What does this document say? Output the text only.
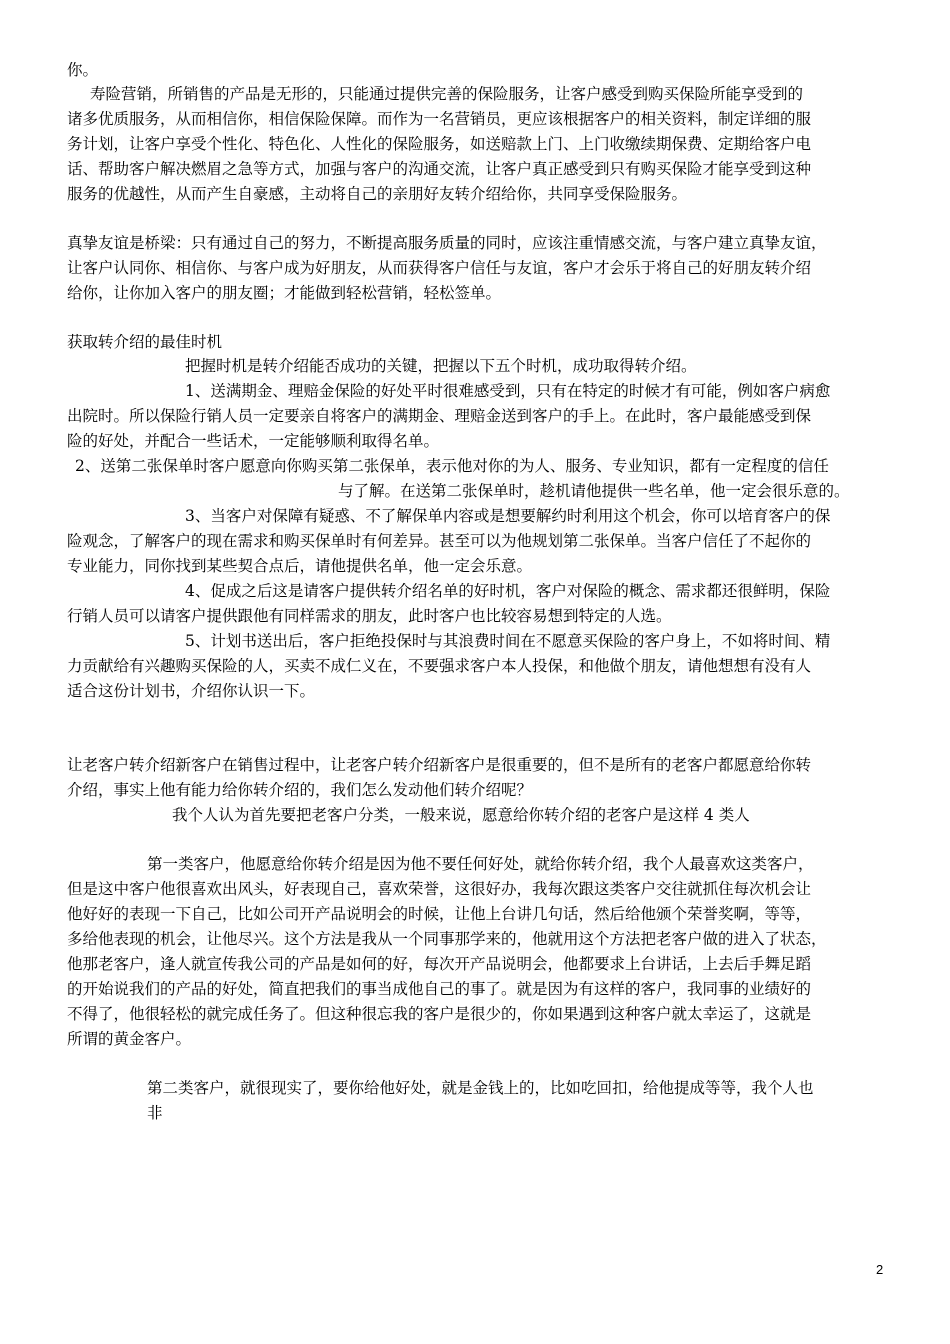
你。
寿险营销，所销售的产品是无形的，只能通过提供完善的保险服务，让客户感受到购买保险所能享受到的
诸多优质服务，从而相信你，相信保险保障。而作为一名营销员，更应该根据客户的相关资料，制定详细的服
务计划，让客户享受个性化、特色化、人性化的保险服务，如送赔款上门、上门收缴续期保费、定期给客户电
话、帮助客户解决燃眉之急等方式，加强与客户的沟通交流，让客户真正感受到只有购买保险才能享受到这种
服务的优越性，从而产生自豪感，主动将自己的亲朋好友转介绍给你，共同享受保险服务。
真挚友谊是桥梁：只有通过自己的努力，不断提高服务质量的同时，应该注重情感交流，与客户建立真挚友谊，
让客户认同你、相信你、与客户成为好朋友，从而获得客户信任与友谊，客户才会乐于将自己的好朋友转介绍
给你，让你加入客户的朋友圈；才能做到轻松营销，轻松签单。
获取转介绍的最佳时机
把握时机是转介绍能否成功的关键，把握以下五个时机，成功取得转介绍。
1、送满期金、理赔金保险的好处平时很难感受到，只有在特定的时候才有可能，例如客户病愈
出院时。所以保险行销人员一定要亲自将客户的满期金、理赔金送到客户的手上。在此时，客户最能感受到保
险的好处，并配合一些话术，一定能够顺利取得名单。
2、送第二张保单时客户愿意向你购买第二张保单，表示他对你的为人、服务、专业知识，都有一定程度的信任
与了解。在送第二张保单时，趁机请他提供一些名单，他一定会很乐意的。
3、当客户对保障有疑惑、不了解保单内容或是想要解约时利用这个机会，你可以培育客户的保
险观念，了解客户的现在需求和购买保单时有何差异。甚至可以为他规划第二张保单。当客户信任了不起你的
专业能力，同你找到某些契合点后，请他提供名单，他一定会乐意。
4、促成之后这是请客户提供转介绍名单的好时机，客户对保险的概念、需求都还很鲜明，保险
行销人员可以请客户提供跟他有同样需求的朋友，此时客户也比较容易想到特定的人选。
5、计划书送出后，客户拒绝投保时与其浪费时间在不愿意买保险的客户身上，不如将时间、精
力贡献给有兴趣购买保险的人，买卖不成仁义在，不要强求客户本人投保，和他做个朋友，请他想想有没有人
适合这份计划书，介绍你认识一下。
让老客户转介绍新客户在销售过程中，让老客户转介绍新客户是很重要的，但不是所有的老客户都愿意给你转
介绍，事实上他有能力给你转介绍的，我们怎么发动他们转介绍呢？
我个人认为首先要把老客户分类，一般来说，愿意给你转介绍的老客户是这样 4 类人
第一类客户，他愿意给你转介绍是因为他不要任何好处，就给你转介绍，我个人最喜欢这类客户，
但是这中客户他很喜欢出风头，好表现自己，喜欢荣誉，这很好办，我每次跟这类客户交往就抓住每次机会让
他好好的表现一下自己，比如公司开产品说明会的时候，让他上台讲几句话，然后给他颁个荣誉奖啊，等等，
多给他表现的机会，让他尽兴。这个方法是我从一个同事那学来的，他就用这个方法把老客户做的进入了状态，
他那老客户，逢人就宣传我公司的产品是如何的好，每次开产品说明会，他都要求上台讲话，上去后手舞足蹈
的开始说我们的产品的好处，简直把我们的事当成他自己的事了。就是因为有这样的客户，我同事的业绩好的
不得了，他很轻松的就完成任务了。但这种很忘我的客户是很少的，你如果遇到这种客户就太幸运了，这就是
所谓的黄金客户。
第二类客户，就很现实了，要你给他好处，就是金钱上的，比如吃回扣，给他提成等等，我个人也
非
2
